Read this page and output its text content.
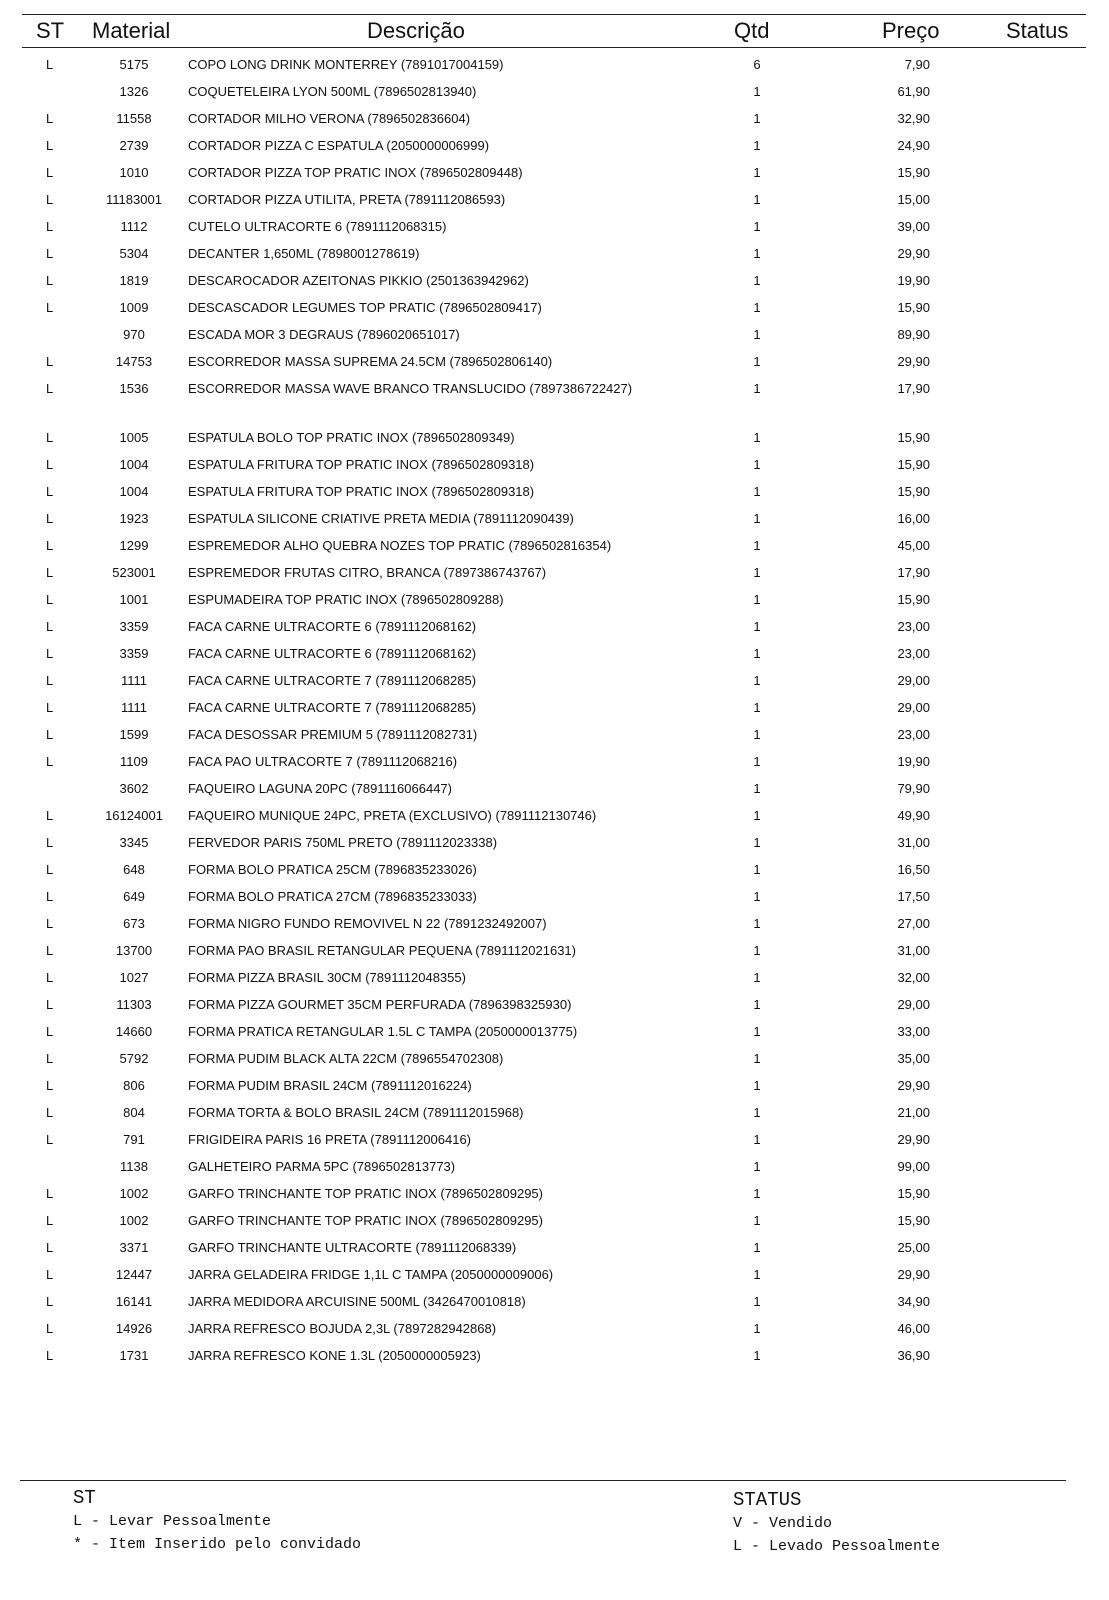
ST Material	Descrição	Qtd	Preço	Status
L	5175	COPO LONG DRINK MONTERREY (7891017004159)	6	7,90
1326	COQUETELEIRA LYON 500ML (7896502813940)	1	61,90
L	11558	CORTADOR MILHO VERONA (7896502836604)	1	32,90
L	2739	CORTADOR PIZZA C ESPATULA (2050000006999)	1	24,90
L	1010	CORTADOR PIZZA TOP PRATIC INOX (7896502809448)	1	15,90
L	11183001	CORTADOR PIZZA UTILITA, PRETA (7891112086593)	1	15,00
L	1112	CUTELO ULTRACORTE 6 (7891112068315)	1	39,00
L	5304	DECANTER 1,650ML (7898001278619)	1	29,90
L	1819	DESCAROCADOR AZEITONAS PIKKIO (2501363942962)	1	19,90
L	1009	DESCASCADOR LEGUMES TOP PRATIC (7896502809417)	1	15,90
970	ESCADA MOR 3 DEGRAUS (7896020651017)	1	89,90
L	14753	ESCORREDOR MASSA SUPREMA 24.5CM (7896502806140)	1	29,90
L	1536	ESCORREDOR MASSA WAVE BRANCO TRANSLUCIDO (7897386722427)	1	17,90
L	1005	ESPATULA BOLO TOP PRATIC INOX (7896502809349)	1	15,90
L	1004	ESPATULA FRITURA TOP PRATIC INOX (7896502809318)	1	15,90
L	1004	ESPATULA FRITURA TOP PRATIC INOX (7896502809318)	1	15,90
L	1923	ESPATULA SILICONE CRIATIVE PRETA MEDIA (7891112090439)	1	16,00
L	1299	ESPREMEDOR ALHO QUEBRA NOZES TOP PRATIC (7896502816354)	1	45,00
L	523001	ESPREMEDOR FRUTAS CITRO, BRANCA (7897386743767)	1	17,90
L	1001	ESPUMADEIRA TOP PRATIC INOX (7896502809288)	1	15,90
L	3359	FACA CARNE ULTRACORTE 6 (7891112068162)	1	23,00
L	3359	FACA CARNE ULTRACORTE 6 (7891112068162)	1	23,00
L	1111	FACA CARNE ULTRACORTE 7 (7891112068285)	1	29,00
L	1111	FACA CARNE ULTRACORTE 7 (7891112068285)	1	29,00
L	1599	FACA DESOSSAR PREMIUM 5 (7891112082731)	1	23,00
L	1109	FACA PAO ULTRACORTE 7 (7891112068216)	1	19,90
3602	FAQUEIRO LAGUNA 20PC (7891116066447)	1	79,90
L	16124001	FAQUEIRO MUNIQUE 24PC, PRETA (EXCLUSIVO) (7891112130746)	1	49,90
L	3345	FERVEDOR PARIS 750ML PRETO (7891112023338)	1	31,00
L	648	FORMA BOLO PRATICA 25CM (7896835233026)	1	16,50
L	649	FORMA BOLO PRATICA 27CM (7896835233033)	1	17,50
L	673	FORMA NIGRO FUNDO REMOVIVEL N 22 (7891232492007)	1	27,00
L	13700	FORMA PAO BRASIL RETANGULAR PEQUENA (7891112021631)	1	31,00
L	1027	FORMA PIZZA BRASIL 30CM (7891112048355)	1	32,00
L	11303	FORMA PIZZA GOURMET 35CM PERFURADA (7896398325930)	1	29,00
L	14660	FORMA PRATICA RETANGULAR 1.5L C TAMPA (2050000013775)	1	33,00
L	5792	FORMA PUDIM BLACK ALTA 22CM (7896554702308)	1	35,00
L	806	FORMA PUDIM BRASIL 24CM (7891112016224)	1	29,90
L	804	FORMA TORTA & BOLO BRASIL 24CM (7891112015968)	1	21,00
L	791	FRIGIDEIRA PARIS 16 PRETA (7891112006416)	1	29,90
1138	GALHETEIRO PARMA 5PC (7896502813773)	1	99,00
L	1002	GARFO TRINCHANTE TOP PRATIC INOX (7896502809295)	1	15,90
L	1002	GARFO TRINCHANTE TOP PRATIC INOX (7896502809295)	1	15,90
L	3371	GARFO TRINCHANTE ULTRACORTE (7891112068339)	1	25,00
L	12447	JARRA GELADEIRA FRIDGE 1,1L C TAMPA (2050000009006)	1	29,90
L	16141	JARRA MEDIDORA ARCUISINE 500ML (3426470010818)	1	34,90
L	14926	JARRA REFRESCO BOJUDA 2,3L (7897282942868)	1	46,00
L	1731	JARRA REFRESCO KONE 1.3L (2050000005923)	1	36,90
ST
L - Levar Pessoalmente
* - Item Inserido pelo convidado
STATUS
V - Vendido
L - Levado Pessoalmente
